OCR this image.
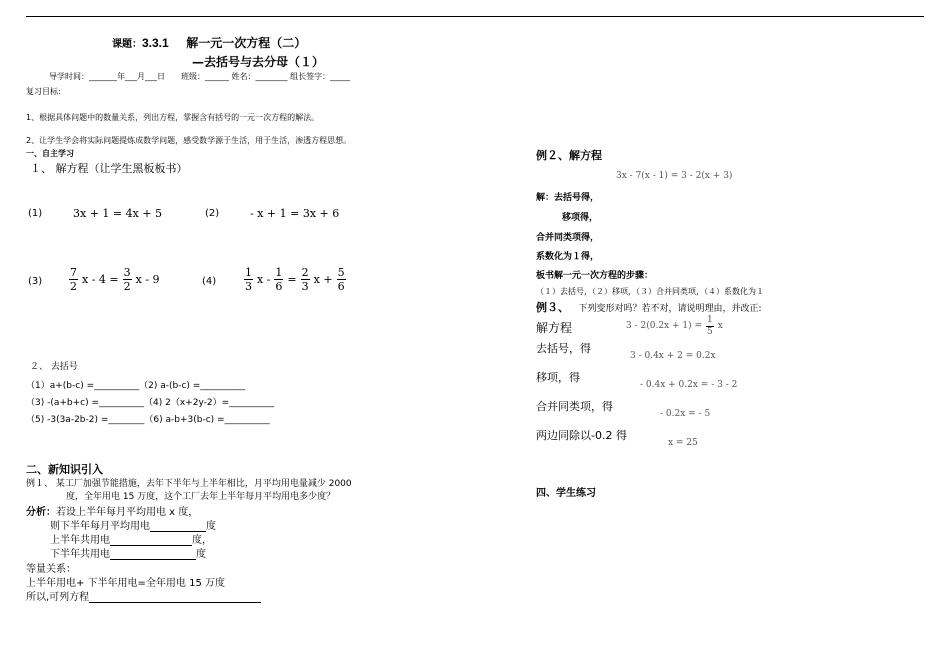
课题：3.3.1 解一元一次方程（二）
—去括号与去分母（１）
导学时间：_______年___月___日　　班级：______ 姓名：________ 组长签字：_____
复习目标:
1、根据具体问题中的数量关系，列出方程，掌握含有括号的一元一次方程的解法。
2、让学生学会将实际问题提炼成数学问题，感受数学源于生活，用于生活，渗透方程思想。
一、自主学习
１、 解方程（让学生黑板板书）
(1)	3x + 1 = 4x + 5	(2)	- x + 1 = 3x + 6
$(3) \frac{7}{2}$ $x - 4 = \frac{3}{2}$ x - 9	(4)	$\frac{1}{3}$ $x - \frac{1}{6} = \frac{2}{3}$ $x + \frac{5}{6}$
２、 去括号
（1）a+(b-c) =__________（2) a-(b-c) =__________
（3) -(a+b+c) =__________（4) 2（x+2y-2）=__________
（5) -3(3a-2b-2) =________（6) a-b+3(b-c) =__________
二、新知识引入
例１、 某工厂加强节能措施，去年下半年与上半年相比，月平均用电量减少 2000
度，全年用电 15 万度，这个工厂去年上半年每月平均用电多少度？
分析：若设上半年每月平均用电 x 度，
则下半年每月平均用电	度
上半年共用电	度，
下半年共用电	度
等量关系：
上半年用电+ 下半年用电=全年用电 15 万度
所以,可列方程
例２、解方程
3x - 7(x - 1) = 3 - 2(x + 3)
解：去括号得，
移项得，
合并同类项得，
系数化为１得，
板书解一元一次方程的步骤：
（１）去括号，（２）移项，（３）合并同类项，（４）系数化为１
例３、 下列变形对吗？若不对，请说明理由，并改正:
解方程	$3 - 2(0.2x + 1) = \frac{1}{5}$ x
去括号，得
3 - 0.4x + 2 = 0.2x
移项，得
- 0.4x + 0.2x = - 3 - 2
合并同类项，得
- 0.2x = - 5
两边同除以-0.2 得
x = 25
四、学生练习
